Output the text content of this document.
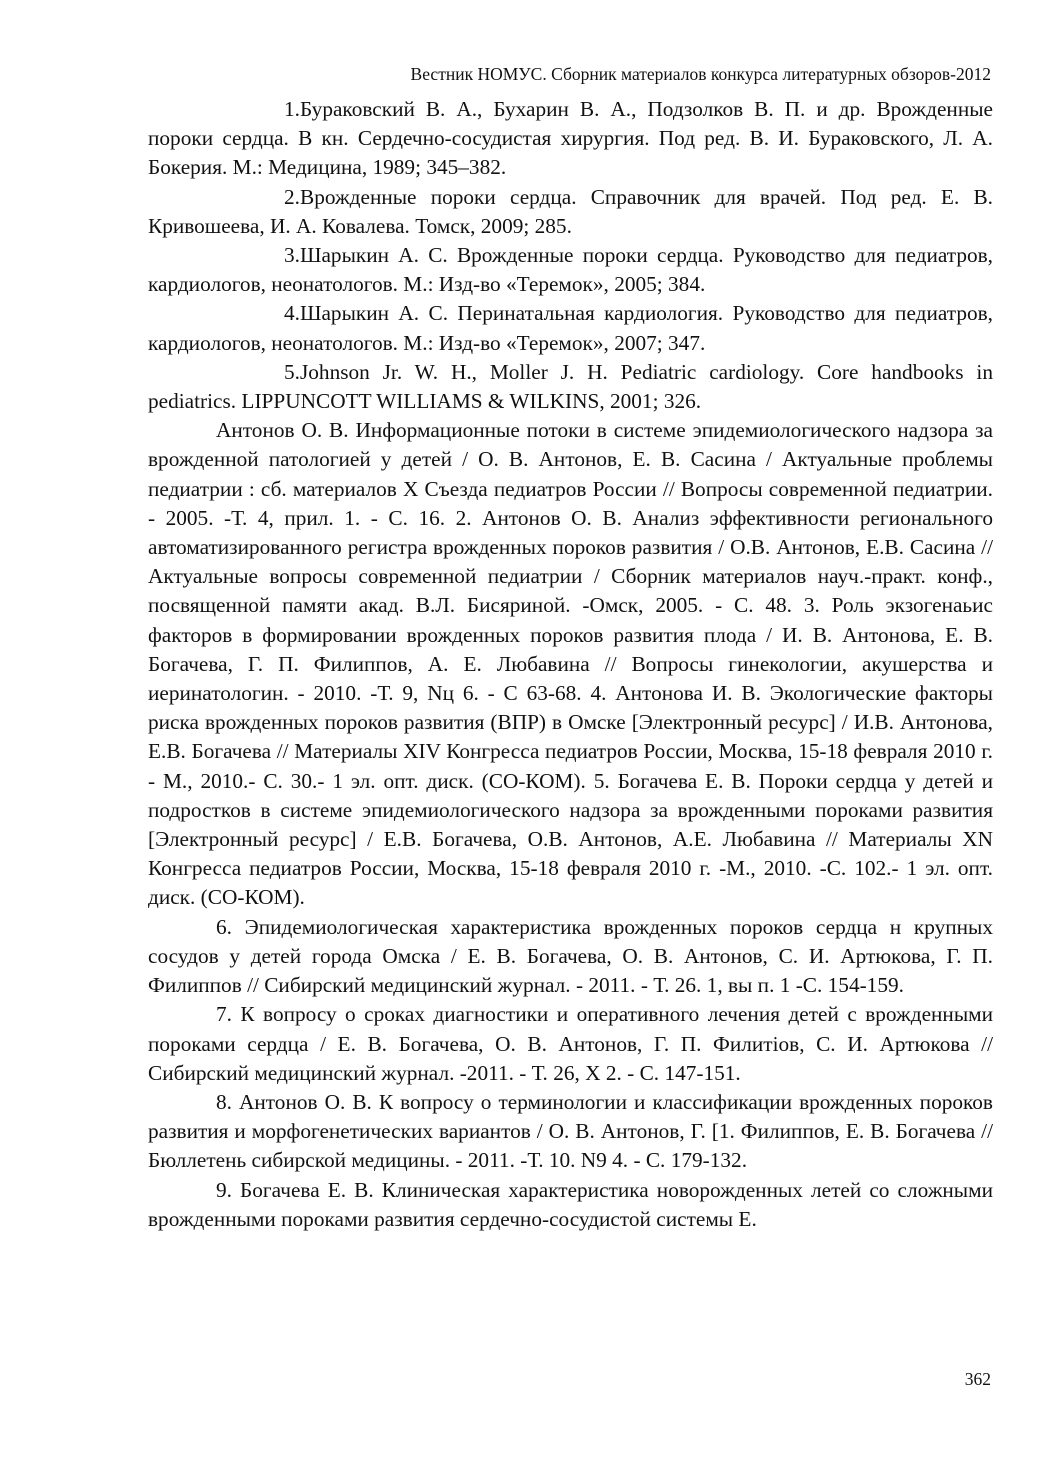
Вестник НОМУС. Сборник материалов конкурса литературных обзоров-2012

1.Бураковский В. А., Бухарин В. А., Подзолков В. П. и др. Врожденные пороки сердца. В кн. Сердечно-сосудистая хирургия. Под ред. В. И. Бураковского, Л. А. Бокерия. М.: Медицина, 1989; 345–382.

2.Врожденные пороки сердца. Справочник для врачей. Под ред. Е. В. Кривошеева, И. А. Ковалева. Томск, 2009; 285.

3.Шарыкин А. С. Врожденные пороки сердца. Руководство для педиатров, кардиологов, неонатологов. М.: Изд-во «Теремок», 2005; 384.

4.Шарыкин А. С. Перинатальная кардиология. Руководство для педиатров, кардиологов, неонатологов. М.: Изд-во «Теремок», 2007; 347.

5.Johnson Jr. W. H., Moller J. H. Pediatric cardiology. Core handbooks in pediatrics. LIPPUNCOTT WILLIAMS & WILKINS, 2001; 326.

Антонов О. В. Информационные потоки в системе эпидемиологического надзора за врожденной патологией у детей / О. В. Антонов, Е. В. Сасина / Актуальные проблемы педиатрии : сб. материалов X Съезда педиатров России // Вопросы современной педиатрии. - 2005. -Т. 4, прил. 1. - С. 16. 2. Антонов О. В. Анализ эффективности регионального автоматизированного регистра врожденных пороков развития / О.В. Антонов, Е.В. Сасина // Актуальные вопросы современной педиатрии / Сборник материалов науч.-практ. конф., посвященной памяти акад. В.Л. Бисяриной. -Омск, 2005. - С. 48. 3. Роль экзогенаьис факторов в формировании врожденных пороков развития плода / И. В. Антонова, Е. В. Богачева, Г. П. Филиппов, А. Е. Любавина // Вопросы гинекологии, акушерства и иеринатологин. - 2010. -Т. 9, Nц 6. - С 63-68. 4. Антонова И. В. Экологические факторы риска врожденных пороков развития (ВПР) в Омске [Электронный ресурс] / И.В. Антонова, Е.В. Богачева // Материалы XIV Конгресса педиатров России, Москва, 15-18 февраля 2010 г. - М., 2010.- С. 30.- 1 эл. опт. диск. (СО-КОМ). 5. Богачева Е. В. Пороки сердца у детей и подростков в системе эпидемиологического надзора за врожденными пороками развития [Электронный ресурс] / Е.В. Богачева, О.В. Антонов, А.Е. Любавина // Материалы XN Конгресса педиатров России, Москва, 15-18 февраля 2010 г. -М., 2010. -С. 102.- 1 эл. опт. диск. (СО-КОМ).

6. Эпидемиологическая характеристика врожденных пороков сердца н крупных сосудов у детей города Омска / Е. В. Богачева, О. В. Антонов, С. И. Артюкова, Г. П. Филиппов // Сибирский медицинский журнал. - 2011. - Т. 26. 1, вы п. 1 -С. 154-159.

7. К вопросу о сроках диагностики и оперативного лечения детей с врожденными пороками сердца / Е. В. Богачева, О. В. Антонов, Г. П. Филитiов, С. И. Артюкова // Сибирский медицинский журнал. -2011. - Т. 26, X 2. - С. 147-151.

8. Антонов О. В. К вопросу о терминологии и классификации врожденных пороков развития и морфогенетических вариантов / О. В. Антонов, Г. [1. Филиппов, Е. В. Богачева // Бюллетень сибирской медицины. - 2011. -Т. 10. N9 4. - С. 179-132.

9. Богачева Е. В. Клиническая характеристика новорожденных летей со сложными врожденными пороками развития сердечно-сосудистой системы Е.

362
